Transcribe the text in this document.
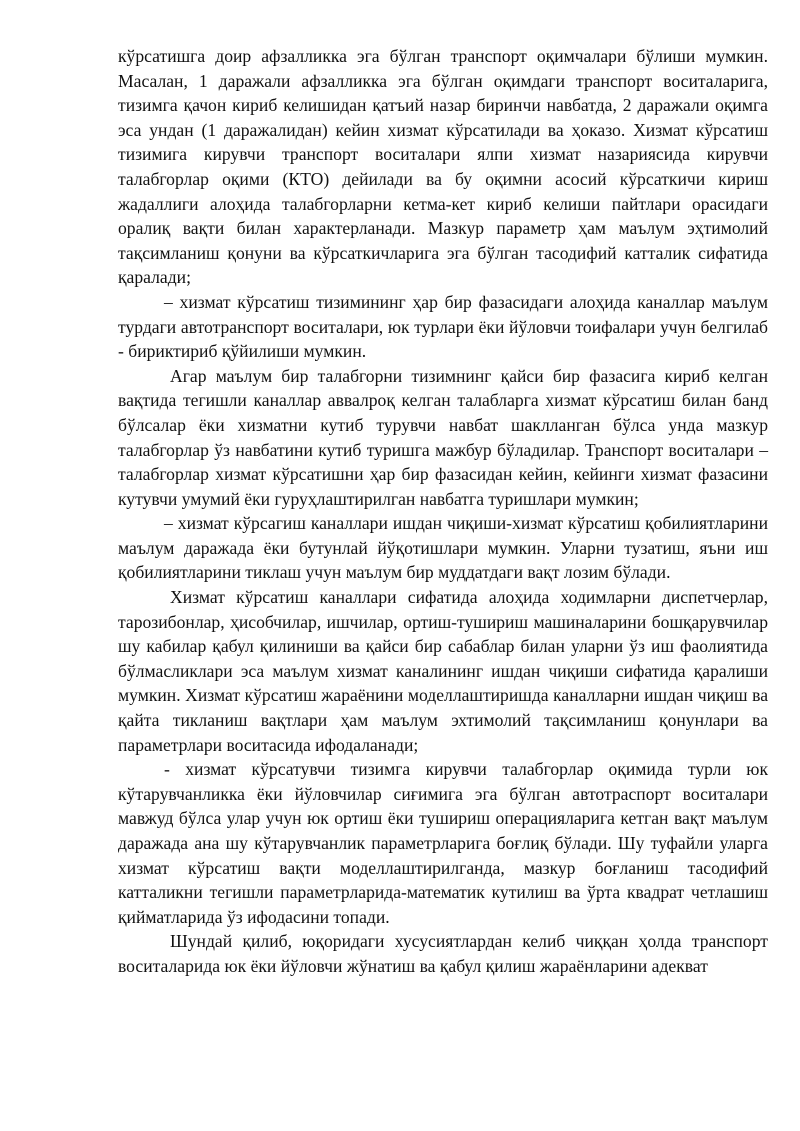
кўрсатишга доир афзалликка эга бўлган транспорт оқимчалари бўлиши мумкин. Масалан, 1 даражали афзалликка эга бўлган оқимдаги транспорт воситаларига, тизимга қачон кириб келишидан қатъий назар биринчи навбатда, 2 даражали оқимга эса ундан (1 даражалидан) кейин хизмат кўрсатилади ва ҳоказо. Хизмат кўрсатиш тизимига кирувчи транспорт воситалари ялпи хизмат назариясида кирувчи талабгорлар оқими (КТО) дейилади ва бу оқимни асосий кўрсаткичи кириш жадаллиги алоҳида талабгорларни кетма-кет кириб келиши пайтлари орасидаги оралиқ вақти билан характерланади. Мазкур параметр ҳам маълум эҳтимолий тақсимланиш қонуни ва кўрсаткичларига эга бўлган тасодифий катталик сифатида қаралади;

– хизмат кўрсатиш тизимининг ҳар бир фазасидаги алоҳида каналлар маълум турдаги автотранспорт воситалари, юк турлари ёки йўловчи тоифалари учун белгилаб - бириктириб қўйилиши мумкин.

Агар маълум бир талабгорни тизимнинг қайси бир фазасига кириб келган вақтида тегишли каналлар аввалроқ келган талабларга хизмат кўрсатиш билан банд бўлсалар ёки хизматни кутиб турувчи навбат шаклланган бўлса унда мазкур талабгорлар ўз навбатини кутиб туришга мажбур бўладилар. Транспорт воситалари – талабгорлар хизмат кўрсатишни ҳар бир фазасидан кейин, кейинги хизмат фазасини кутувчи умумий ёки гуруҳлаштирилган навбатга туришлари мумкин;

– хизмат кўрсагиш каналлари ишдан чиқиши-хизмат кўрсатиш қобилиятларини маълум даражада ёки бутунлай йўқотишлари мумкин. Уларни тузатиш, яъни иш қобилиятларини тиклаш учун маълум бир муддатдаги вақт лозим бўлади.

Хизмат кўрсатиш каналлари сифатида алоҳида ходимларни диспетчерлар, тарозибонлар, ҳисобчилар, ишчилар, ортиш-тушириш машиналарини бошқарувчилар шу кабилар қабул қилиниши ва қайси бир сабаблар билан уларни ўз иш фаолиятида бўлмасликлари эса маълум хизмат каналининг ишдан чиқиши сифатида қаралиши мумкин. Хизмат кўрсатиш жараёнини моделлаштиришда каналларни ишдан чиқиш ва қайта тикланиш вақтлари ҳам маълум эхтимолий тақсимланиш қонунлари ва параметрлари воситасида ифодаланади;

- хизмат кўрсатувчи тизимга кирувчи талабгорлар оқимида турли юк кўтарувчанликка ёки йўловчилар сиғимига эга бўлган автотраспорт воситалари мавжуд бўлса улар учун юк ортиш ёки тушириш операцияларига кетган вақт маълум даражада ана шу кўтарувчанлик параметрларига боғлиқ бўлади. Шу туфайли уларга хизмат кўрсатиш вақти моделлаштирилганда, мазкур боғланиш тасодифий катталикни тегишли параметрларида-математик кутилиш ва ўрта квадрат четлашиш қийматларида ўз ифодасини топади.

Шундай қилиб, юқоридаги хусусиятлардан келиб чиққан ҳолда транспорт воситаларида юк ёки йўловчи жўнатиш ва қабул қилиш жараёнларини адекват
